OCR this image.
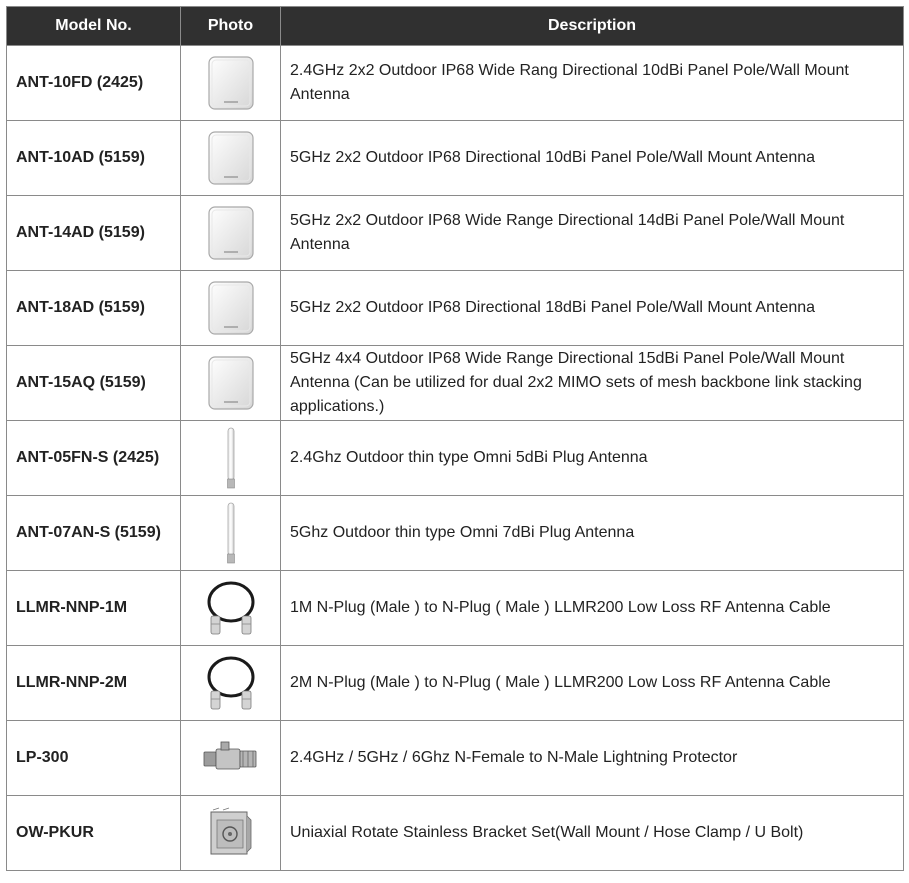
Model No.	Photo	Description
ANT-10FD (2425)		2.4GHz 2x2 Outdoor IP68 Wide Rang Directional 10dBi Panel Pole/Wall Mount Antenna
ANT-10AD (5159)		5GHz 2x2 Outdoor IP68 Directional 10dBi Panel Pole/Wall Mount Antenna
ANT-14AD (5159)		5GHz 2x2 Outdoor IP68 Wide Range Directional 14dBi Panel Pole/Wall Mount Antenna
ANT-18AD (5159)		5GHz 2x2 Outdoor IP68 Directional 18dBi Panel Pole/Wall Mount Antenna
ANT-15AQ (5159)		5GHz 4x4 Outdoor IP68 Wide Range Directional 15dBi Panel Pole/Wall Mount Antenna (Can be utilized for dual 2x2 MIMO sets of mesh backbone link stacking applications.)
ANT-05FN-S (2425)		2.4Ghz Outdoor thin type Omni 5dBi Plug Antenna
ANT-07AN-S (5159)		5Ghz Outdoor thin type Omni 7dBi Plug Antenna
LLMR-NNP-1M		1M N-Plug (Male ) to N-Plug ( Male ) LLMR200 Low Loss RF Antenna Cable
LLMR-NNP-2M		2M N-Plug (Male ) to N-Plug ( Male ) LLMR200 Low Loss RF Antenna Cable
LP-300		2.4GHz / 5GHz / 6Ghz N-Female to N-Male Lightning Protector
OW-PKUR		Uniaxial Rotate Stainless Bracket Set(Wall Mount / Hose Clamp / U Bolt)
